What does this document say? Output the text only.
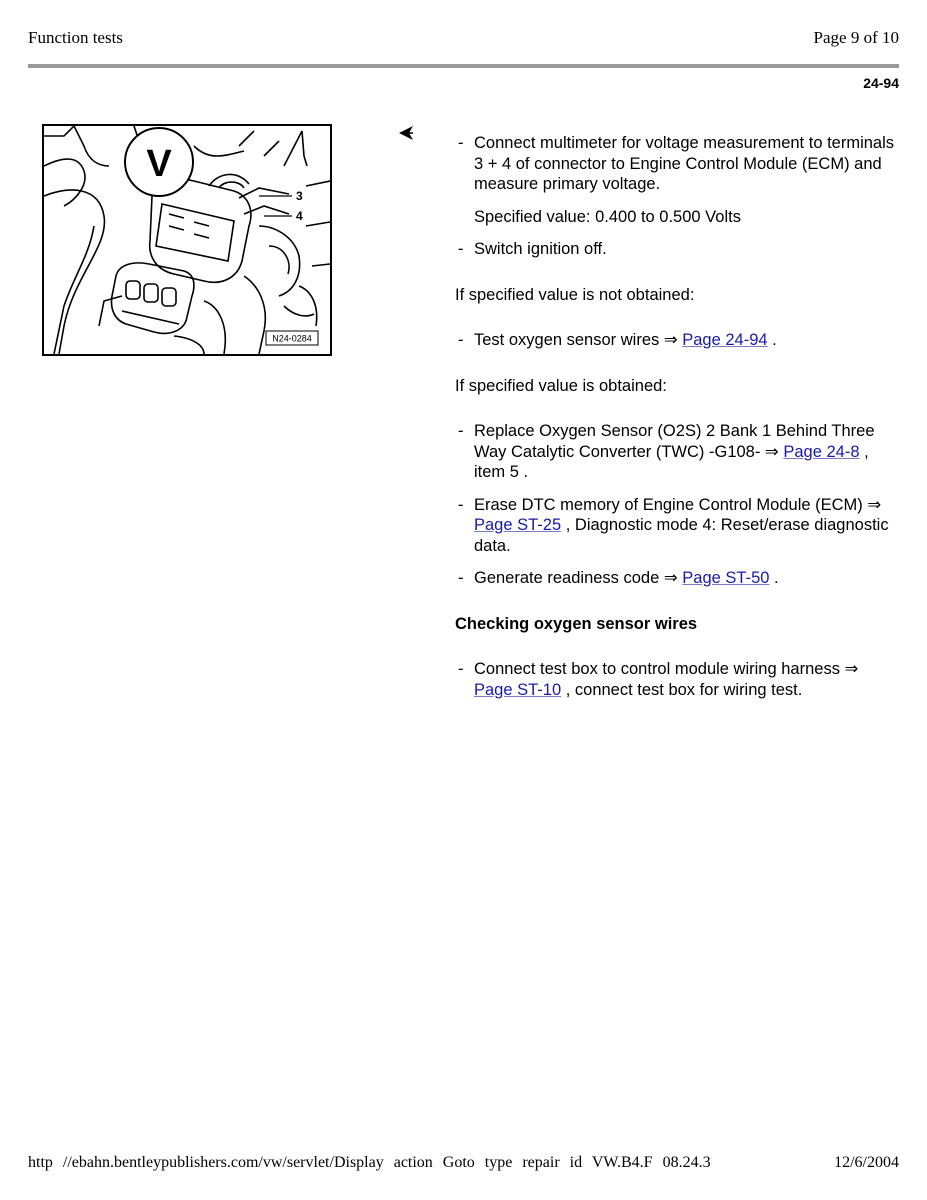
Function tests	Page 9 of 10
24-94
V
3
4
N24-0284
- Connect multimeter for voltage measurement to terminals 3 + 4 of connector to Engine Control Module (ECM) and measure primary voltage.
Specified value: 0.400 to 0.500 Volts
- Switch ignition off.
If specified value is not obtained:
- Test oxygen sensor wires ⇒ Page 24-94 .
If specified value is obtained:
- Replace Oxygen Sensor (O2S) 2 Bank 1 Behind Three Way Catalytic Converter (TWC) -G108- ⇒ Page 24-8 , item 5 .
- Erase DTC memory of Engine Control Module (ECM) ⇒ Page ST-25 , Diagnostic mode 4: Reset/erase diagnostic data.
- Generate readiness code ⇒ Page ST-50 .
Checking oxygen sensor wires
- Connect test box to control module wiring harness ⇒ Page ST-10 , connect test box for wiring test.
http //ebahn.bentleypublishers.com/vw/servlet/Display action Goto type repair id VW.B4.F 08.24.3	12/6/2004
